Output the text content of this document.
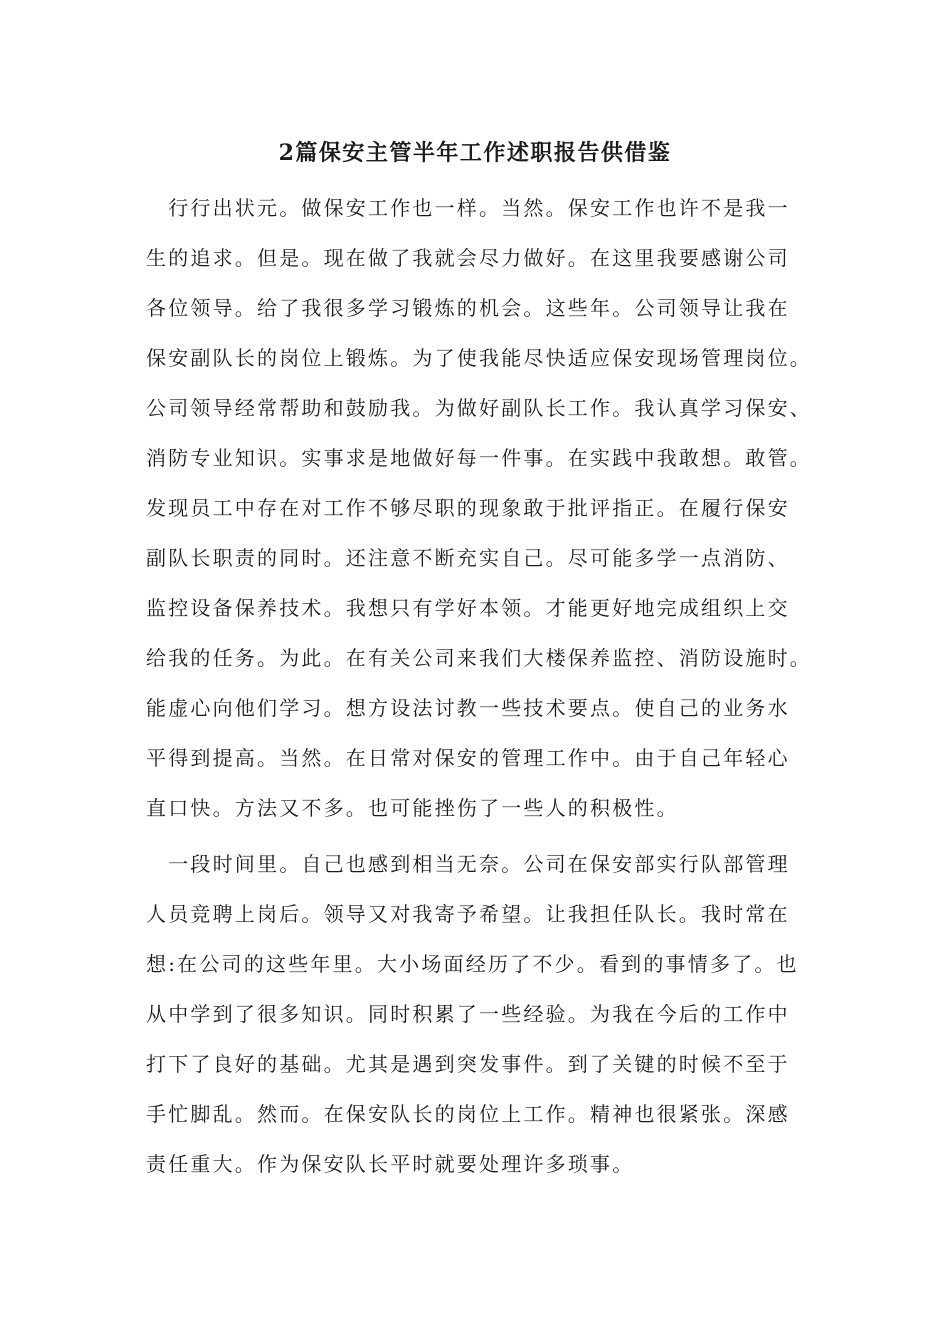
2篇保安主管半年工作述职报告供借鉴
　行行出状元。做保安工作也一样。当然。保安工作也许不是我一
生的追求。但是。现在做了我就会尽力做好。在这里我要感谢公司
各位领导。给了我很多学习锻炼的机会。这些年。公司领导让我在
保安副队长的岗位上锻炼。为了使我能尽快适应保安现场管理岗位。
公司领导经常帮助和鼓励我。为做好副队长工作。我认真学习保安、
消防专业知识。实事求是地做好每一件事。在实践中我敢想。敢管。
发现员工中存在对工作不够尽职的现象敢于批评指正。在履行保安
副队长职责的同时。还注意不断充实自己。尽可能多学一点消防、
监控设备保养技术。我想只有学好本领。才能更好地完成组织上交
给我的任务。为此。在有关公司来我们大楼保养监控、消防设施时。
能虚心向他们学习。想方设法讨教一些技术要点。使自己的业务水
平得到提高。当然。在日常对保安的管理工作中。由于自己年轻心
直口快。方法又不多。也可能挫伤了一些人的积极性。
　一段时间里。自己也感到相当无奈。公司在保安部实行队部管理
人员竞聘上岗后。领导又对我寄予希望。让我担任队长。我时常在
想:在公司的这些年里。大小场面经历了不少。看到的事情多了。也
从中学到了很多知识。同时积累了一些经验。为我在今后的工作中
打下了良好的基础。尤其是遇到突发事件。到了关键的时候不至于
手忙脚乱。然而。在保安队长的岗位上工作。精神也很紧张。深感
责任重大。作为保安队长平时就要处理许多琐事。
